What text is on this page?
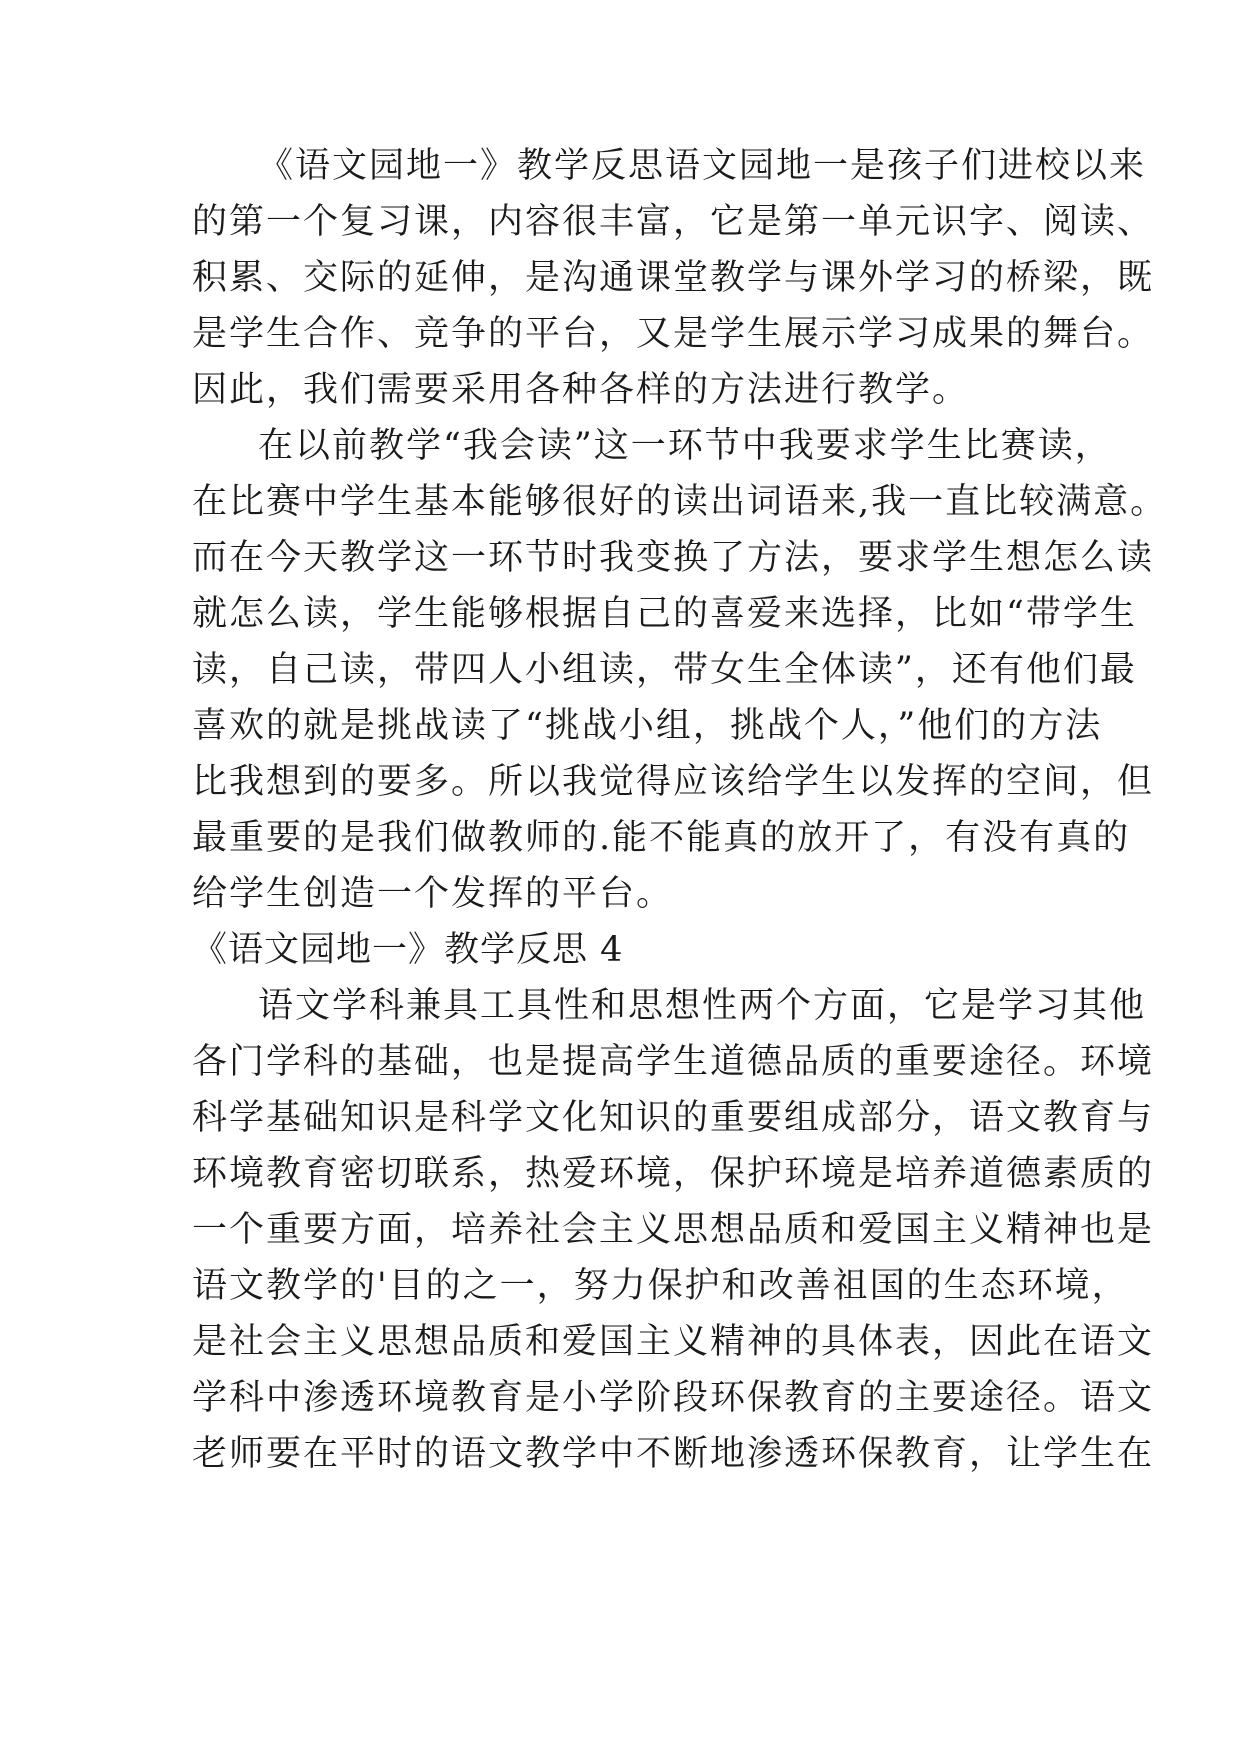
《语文园地一》教学反思语文园地一是孩子们进校以来
的第一个复习课，内容很丰富，它是第一单元识字、阅读、
积累、交际的延伸，是沟通课堂教学与课外学习的桥梁，既
是学生合作、竞争的平台，又是学生展示学习成果的舞台。
因此，我们需要采用各种各样的方法进行教学。
在以前教学“我会读”这一环节中我要求学生比赛读，
在比赛中学生基本能够很好的读出词语来,我一直比较满意。
而在今天教学这一环节时我变换了方法，要求学生想怎么读
就怎么读，学生能够根据自己的喜爱来选择，比如“带学生
读，自己读，带四人小组读，带女生全体读”，还有他们最
喜欢的就是挑战读了“挑战小组，挑战个人，”他们的方法
比我想到的要多。所以我觉得应该给学生以发挥的空间，但
最重要的是我们做教师的.能不能真的放开了，有没有真的
给学生创造一个发挥的平台。
《语文园地一》教学反思 4
语文学科兼具工具性和思想性两个方面，它是学习其他
各门学科的基础，也是提高学生道德品质的重要途径。环境
科学基础知识是科学文化知识的重要组成部分，语文教育与
环境教育密切联系，热爱环境，保护环境是培养道德素质的
一个重要方面，培养社会主义思想品质和爱国主义精神也是
语文教学的'目的之一，努力保护和改善祖国的生态环境，
是社会主义思想品质和爱国主义精神的具体表，因此在语文
学科中渗透环境教育是小学阶段环保教育的主要途径。语文
老师要在平时的语文教学中不断地渗透环保教育，让学生在
